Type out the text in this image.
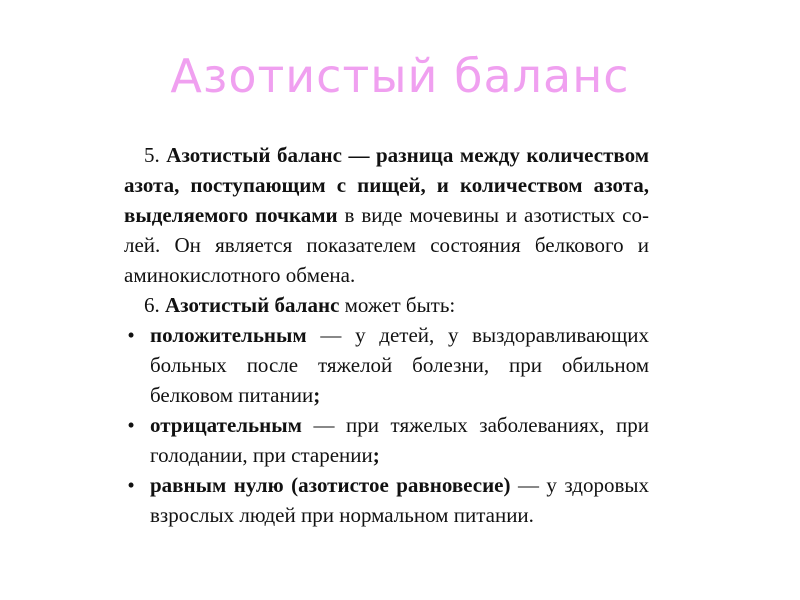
Азотистый баланс

5. Азотистый баланс — разница между количеством азота, поступающим с пищей, и количеством азота, выделяемого почками в виде мочевины и азотистых солей. Он является показателем состояния белкового и аминокислотного обмена.

6. Азотистый баланс может быть:

• положительным — у детей, у выздоравливающих больных после тяжелой болезни, при обильном белковом питании;
• отрицательным — при тяжелых заболеваниях, при голодании, при старении;
• равным нулю (азотистое равновесие) — у здоровых взрослых людей при нормальном питании.
